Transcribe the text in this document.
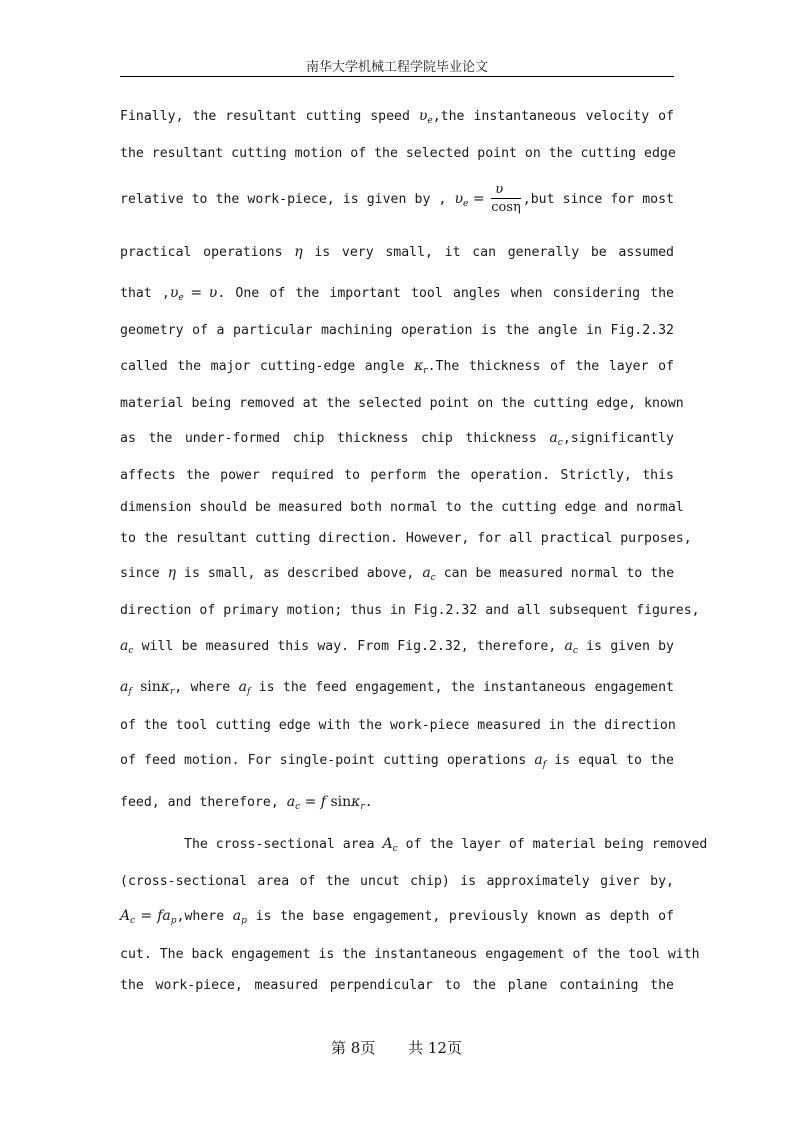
南华大学机械工程学院毕业论文
Finally, the resultant cutting speed $\upsilon_e,the$ instantaneous velocity of
the resultant cutting motion of the selected point on the cutting edge
relative to the work-piece, is given by , $\upsilon_e = \frac{\upsilon}{\cos\eta} ,but$ since for most
practical operations η is very small, it can generally be assumed
that $,\upsilon_e = \upsilon$. One of the important tool angles when considering the
geometry of a particular machining operation is the angle in Fig.2.32
called the major cutting-edge angle $\kappa_r.The$ thickness of the layer of
material being removed at the selected point on the cutting edge, known
as the under-formed chip thickness chip thickness $a_c,significantly$
affects the power required to perform the operation. Strictly, this
dimension should be measured both normal to the cutting edge and normal
to the resultant cutting direction. However, for all practical purposes,
since η is small, as described above, $a_c$ can be measured normal to the
direction of primary motion; thus in Fig.2.32 and all subsequent figures,
$a_c$ will be measured this way. From Fig.2.32, therefore, $a_c$ is given by
$a_f$ sinκ$_r$, where $a_f$ is the feed engagement, the instantaneous engagement
of the tool cutting edge with the work-piece measured in the direction
of feed motion. For single-point cutting operations $a_f$ is equal to the
feed, and therefore, $a_c = f$ sinκ$_r$.
The cross-sectional area $A_c$ of the layer of material being removed
(cross-sectional area of the uncut chip) is approximately giver by,
$A_c$ = $fa_p,where$ $a_p$ is the base engagement, previously known as depth of
cut. The back engagement is the instantaneous engagement of the tool with
the work-piece, measured perpendicular to the plane containing the
第 8页 共 12页
